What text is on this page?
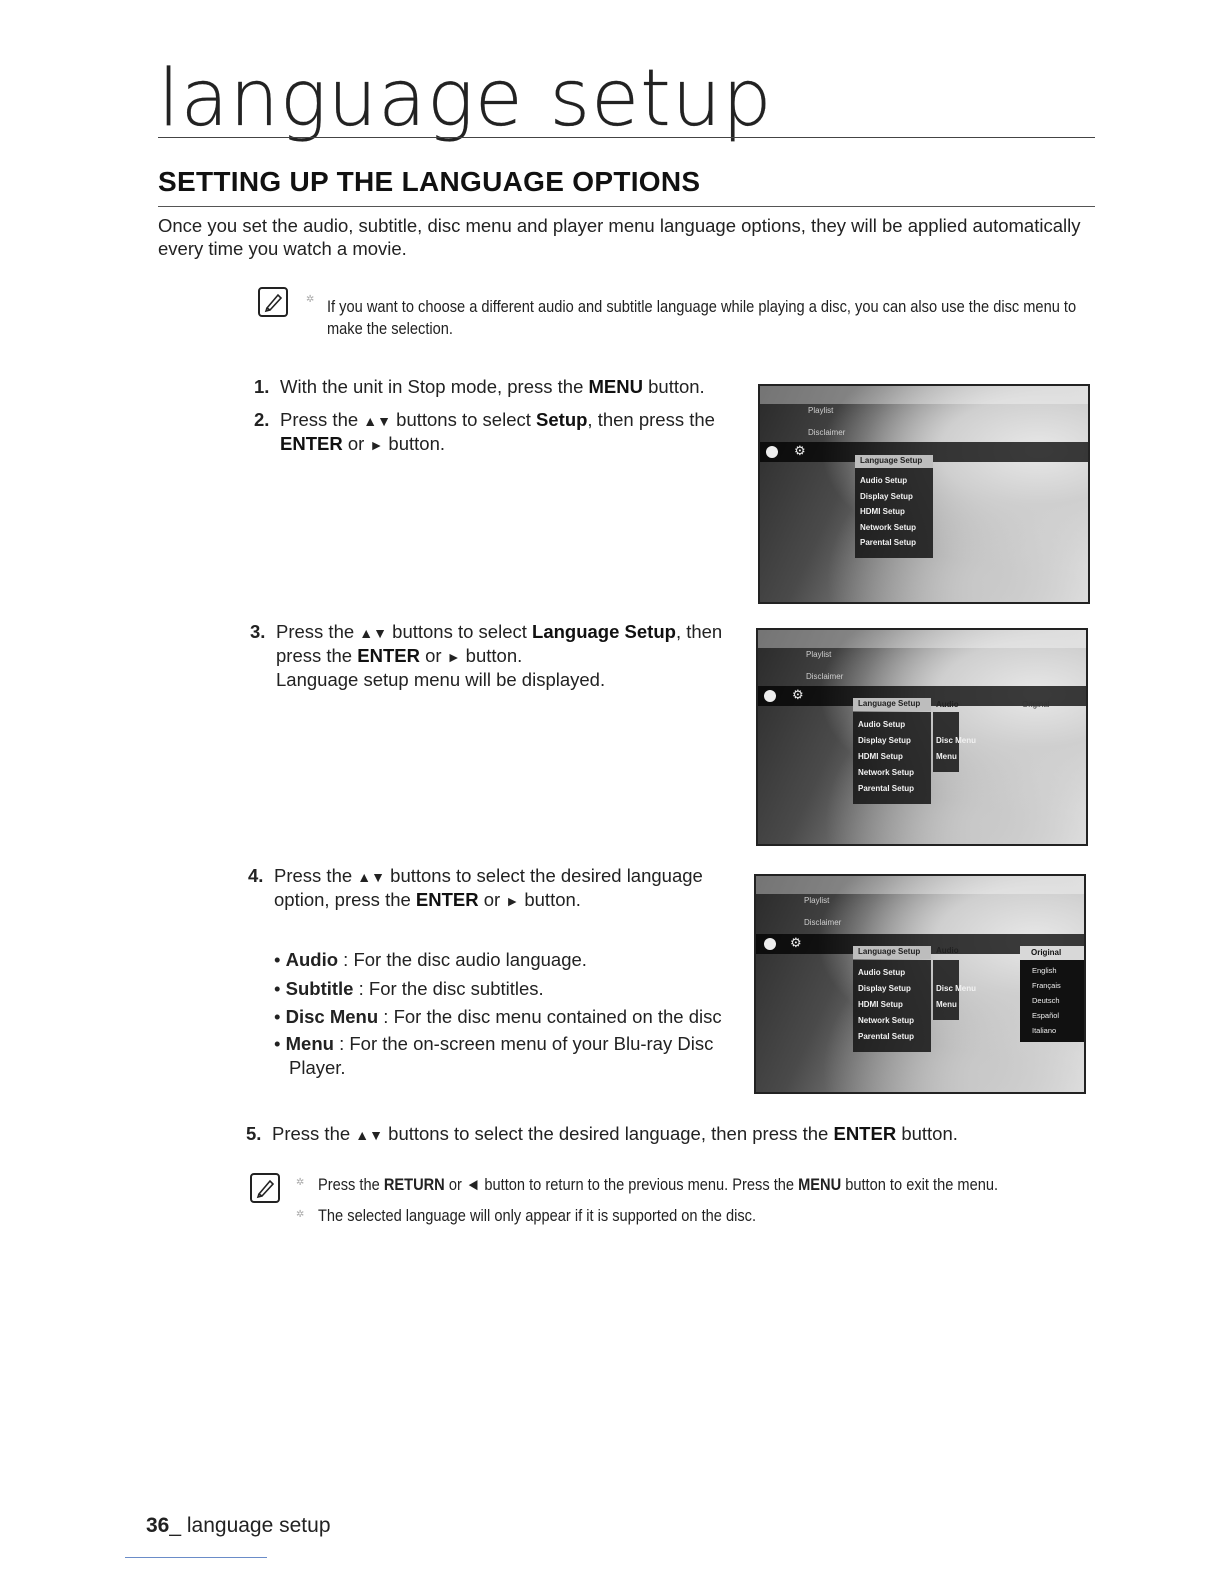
language setup
SETTING UP THE LANGUAGE OPTIONS
Once you set the audio, subtitle, disc menu and player menu language options, they will be applied automatically every time you watch a movie.
✲ If you want to choose a different audio and subtitle language while playing a disc, you can also use the disc menu to make the selection.
1. With the unit in Stop mode, press the MENU button.
2. Press the ▲▼ buttons to select Setup, then press the
ENTER or ► button.
Playlist
Disclaimer
⚙
Language Setup
Audio Setup
Display Setup
HDMI Setup
Network Setup
Parental Setup
3. Press the ▲▼ buttons to select Language Setup, then
press the ENTER or ► button.
Language setup menu will be displayed.
Playlist
Disclaimer
⚙
Language Setup
Audio Setup
Display Setup
HDMI Setup
Network Setup
Parental Setup
Audio
Disc Menu
Menu
Original
4. Press the ▲▼ buttons to select the desired language
option, press the ENTER or ► button.
• Audio : For the disc audio language.
• Subtitle : For the disc subtitles.
• Disc Menu : For the disc menu contained on the disc
• Menu : For the on-screen menu of your Blu-ray Disc
Player.
Playlist
Disclaimer
⚙
Language Setup
Audio Setup
Display Setup
HDMI Setup
Network Setup
Parental Setup
Audio
Disc Menu
Menu
Original
English
Français
Deutsch
Español
Italiano
5. Press the ▲▼ buttons to select the desired language, then press the ENTER button.
✲ Press the RETURN or ◄ button to return to the previous menu. Press the MENU button to exit the menu.
✲ The selected language will only appear if it is supported on the disc.
36_ language setup
